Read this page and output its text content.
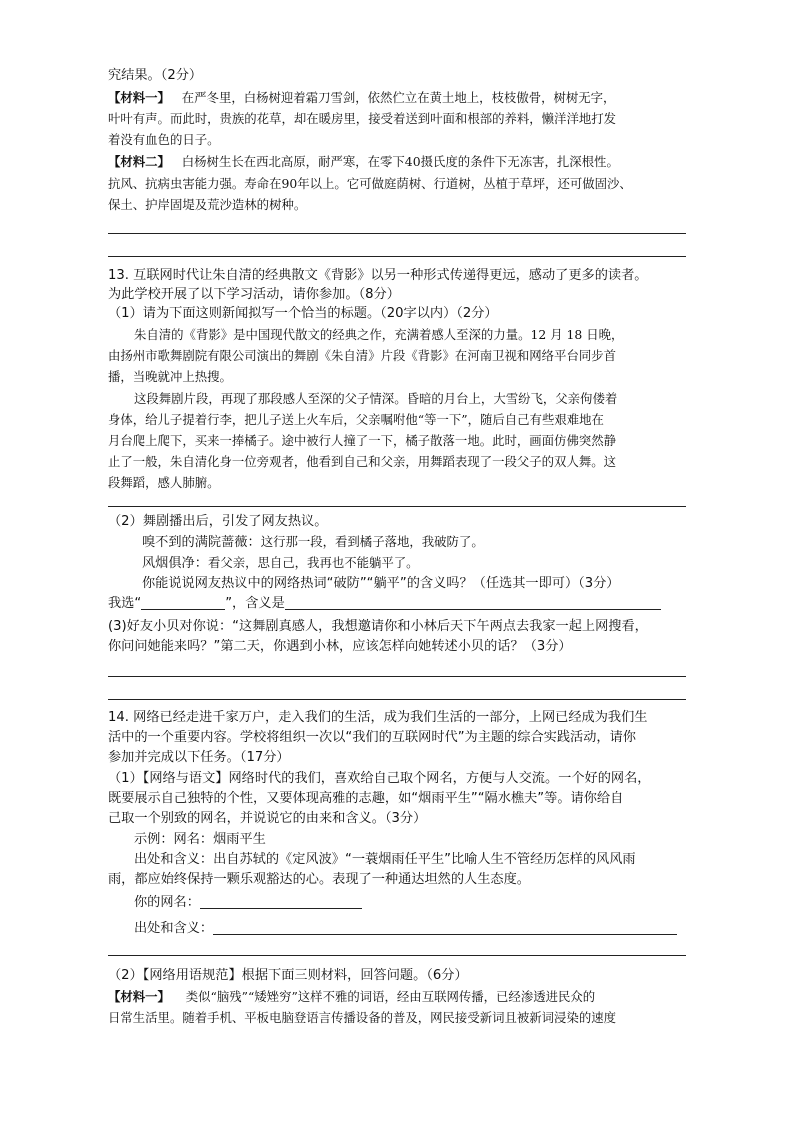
究结果。（2分）
【材料一】 在严冬里，白杨树迎着霜刀雪剑，依然伫立在黄土地上，枝枝傲骨，树树无字，
叶叶有声。而此时，贵族的花草，却在暖房里，接受着送到叶面和根部的养料，懒洋洋地打发
着没有血色的日子。
【材料二】 白杨树生长在西北高原，耐严寒，在零下40摄氏度的条件下无冻害，扎深根性。
抗风、抗病虫害能力强。寿命在90年以上。它可做庭荫树、行道树，丛植于草坪，还可做固沙、
保土、护岸固堤及荒沙造林的树种。
13. 互联网时代让朱自清的经典散文《背影》以另一种形式传递得更远，感动了更多的读者。
为此学校开展了以下学习活动，请你参加。（8分）
（1）请为下面这则新闻拟写一个恰当的标题。（20字以内）（2分）
朱自清的《背影》是中国现代散文的经典之作，充满着感人至深的力量。12 月 18 日晚，
由扬州市歌舞剧院有限公司演出的舞剧《朱自清》片段《背影》在河南卫视和网络平台同步首
播，当晚就冲上热搜。
这段舞剧片段，再现了那段感人至深的父子情深。昏暗的月台上，大雪纷飞，父亲佝偻着
身体，给儿子提着行李，把儿子送上火车后，父亲嘱咐他“等一下”，随后自己有些艰难地在
月台爬上爬下，买来一捧橘子。途中被行人撞了一下，橘子散落一地。此时，画面仿佛突然静
止了一般，朱自清化身一位旁观者，他看到自己和父亲，用舞蹈表现了一段父子的双人舞。这
段舞蹈，感人肺腑。
（2）舞剧播出后，引发了网友热议。
嗅不到的满院蔷薇：这行那一段，看到橘子落地，我破防了。
风烟俱净：看父亲，思自己，我再也不能躺平了。
你能说说网友热议中的网络热词“破防”“躺平”的含义吗？（任选其一即可）（3分）
我选“	”，含义是
(3)好友小贝对你说：“这舞剧真感人，我想邀请你和小林后天下午两点去我家一起上网搜看，
你问问她能来吗？”第二天，你遇到小林，应该怎样向她转述小贝的话？（3分）
14. 网络已经走进千家万户，走入我们的生活，成为我们生活的一部分，上网已经成为我们生
活中的一个重要内容。学校将组织一次以“我们的互联网时代”为主题的综合实践活动，请你
参加并完成以下任务。（17分）
（1）【网络与语文】网络时代的我们，喜欢给自己取个网名，方便与人交流。一个好的网名，
既要展示自己独特的个性，又要体现高雅的志趣，如“烟雨平生”“隔水樵夫”等。请你给自
己取一个别致的网名，并说说它的由来和含义。（3分）
示例：网名：烟雨平生
出处和含义：出自苏轼的《定风波》“一蓑烟雨任平生”比喻人生不管经历怎样的风风雨
雨，都应始终保持一颗乐观豁达的心。表现了一种通达坦然的人生态度。
你的网名：
出处和含义：
（2）【网络用语规范】根据下面三则材料，回答问题。（6分）
【材料一】 类似“脑残”“矮矬穷”这样不雅的词语，经由互联网传播，已经渗透进民众的
日常生活里。随着手机、平板电脑登语言传播设备的普及，网民接受新词且被新词浸染的速度
